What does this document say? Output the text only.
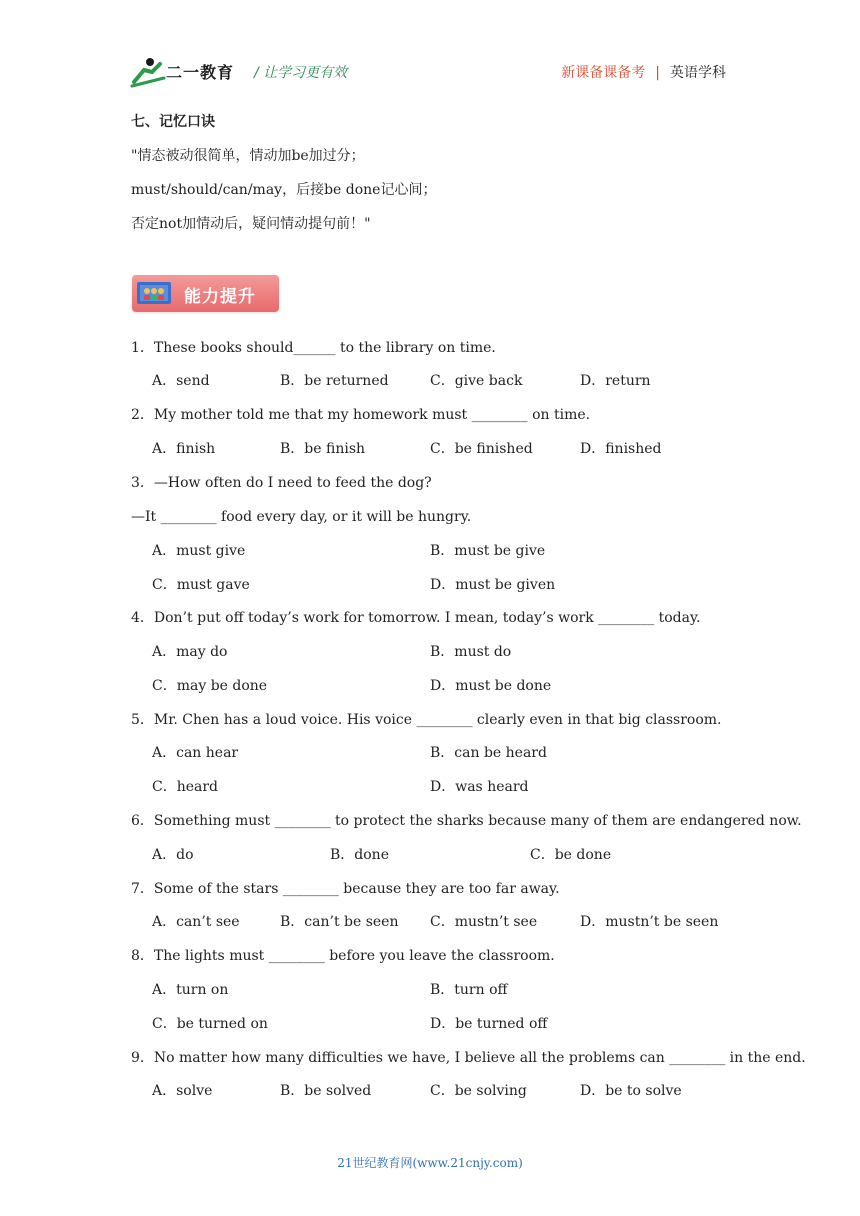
二一教育 / 让学习更有效	新课备课备考 | 英语学科
七、记忆口诀
"情态被动很简单，情动加be加过分；
must/should/can/may，后接be done记心间；
否定not加情动后，疑问情动提句前！"
能力提升
1．These books should______ to the library on time．
A．send	B．be returned	C．give back	D．return
2．My mother told me that my homework must ________ on time.
A．finish	B．be finish	C．be finished	D．finished
3．—How often do I need to feed the dog?
—It ________ food every day, or it will be hungry.
A．must give	B．must be give
C．must gave	D．must be given
4．Don’t put off today’s work for tomorrow. I mean, today’s work ________ today.
A．may do	B．must do
C．may be done	D．must be done
5．Mr. Chen has a loud voice. His voice ________ clearly even in that big classroom.
A．can hear	B．can be heard
C．heard	D．was heard
6．Something must ________ to protect the sharks because many of them are endangered now.
A．do	B．done	C．be done
7．Some of the stars ________ because they are too far away.
A．can’t see	B．can’t be seen C．mustn’t see	D．mustn’t be seen
8．The lights must ________ before you leave the classroom.
A．turn on	B．turn off
C．be turned on	D．be turned off
9．No matter how many difficulties we have, I believe all the problems can ________ in the end.
A．solve	B．be solved	C．be solving	D．be to solve
21世纪教育网(www.21cnjy.com)
